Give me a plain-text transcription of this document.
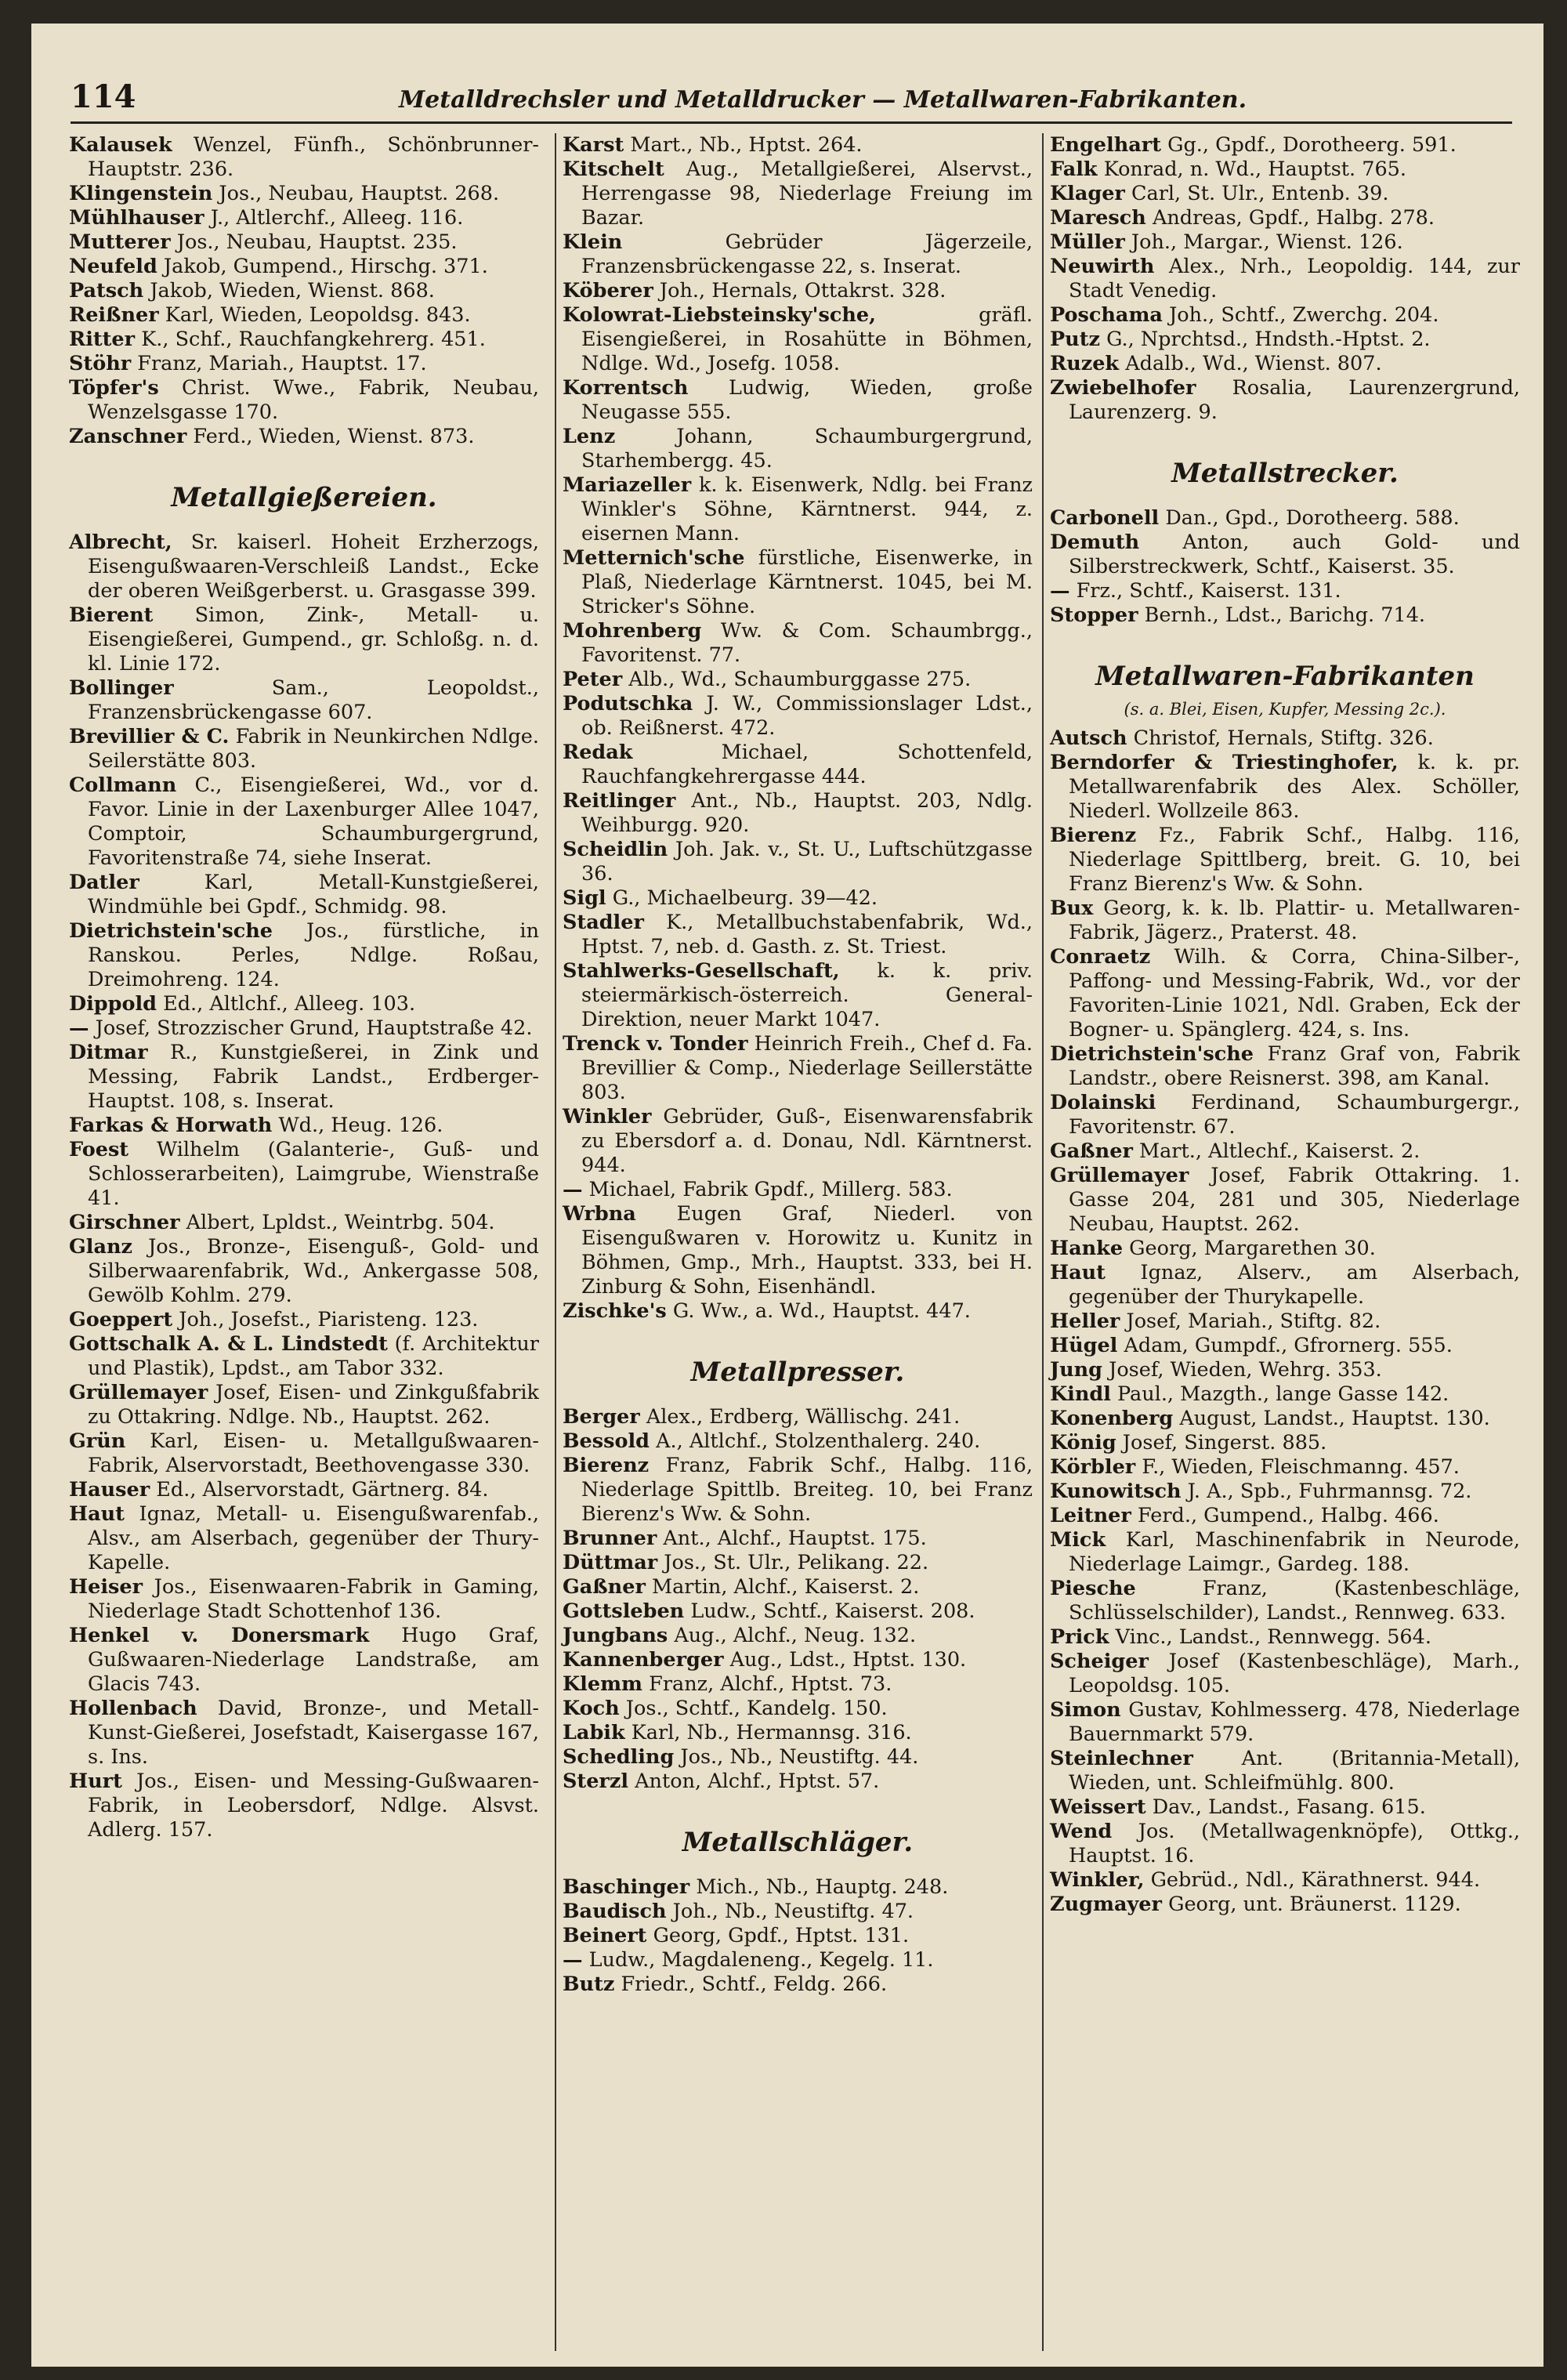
114	Metalldrechsler und Metalldrucker — Metallwaren-Fabrikanten.
Kalausek Wenzel, Fünfh., Schönbrunner-Hauptstr. 236.
Klingenstein Jos., Neubau, Hauptst. 268.
Mühlhauser J., Altlerchf., Alleeg. 116.
Mutterer Jos., Neubau, Hauptst. 235.
Neufeld Jakob, Gumpend., Hirschg. 371.
Patsch Jakob, Wieden, Wienst. 868.
Reißner Karl, Wieden, Leopoldsg. 843.
Ritter K., Schf., Rauchfangkehrerg. 451.
Stöhr Franz, Mariah., Hauptst. 17.
Töpfer's Christ. Wwe., Fabrik, Neubau, Wenzelsgasse 170.
Zanschner Ferd., Wieden, Wienst. 873.
Metallgießereien.
Albrecht, Sr. kaiserl. Hoheit Erzherzogs, Eisengußwaaren-Verschleiß Landst., Ecke der oberen Weißgerberst. u. Grasgasse 399.
Bierent Simon, Zink-, Metall- u. Eisengießerei, Gumpend., gr. Schloßg. n. d. kl. Linie 172.
Bollinger	Sam., Leopoldst., Franzensbrückengasse 607.
Brevillier & C. Fabrik in Neunkirchen Ndlge. Seilerstätte 803.
Collmann C., Eisengießerei, Wd., vor d. Favor. Linie in der Laxenburger Allee 1047, Comptoir, Schaumburgergrund, Favoritenstraße 74, siehe Inserat.
Datler	Karl, Metall-Kunstgießerei, Windmühle bei Gpdf., Schmidg. 98.
Dietrichstein'sche Jos., fürstliche, in Ranskou. Perles, Ndlge. Roßau, Dreimohreng. 124.
Dippold Ed., Altlchf., Alleeg. 103.
— Josef, Strozzischer Grund, Hauptstraße 42.
Ditmar R., Kunstgießerei, in Zink und Messing, Fabrik Landst., Erdberger-Hauptst. 108, s. Inserat.
Farkas & Horwath Wd., Heug. 126.
Foest Wilhelm (Galanterie-, Guß- und Schlosserarbeiten), Laimgrube, Wienstraße 41.
Girschner Albert, Lpldst., Weintrbg. 504.
Glanz Jos., Bronze-, Eisenguß-, Gold- und Silberwaarenfabrik, Wd., Ankergasse 508, Gewölb Kohlm. 279.
Goeppert Joh., Josefst., Piaristeng. 123.
Gottschalk A. & L. Lindstedt (f. Architektur und Plastik), Lpdst., am Tabor 332.
Grüllemayer Josef, Eisen- und Zinkgußfabrik zu Ottakring. Ndlge. Nb., Hauptst. 262.
Grün Karl, Eisen- u. Metallgußwaaren-Fabrik, Alservorstadt, Beethovengasse 330.
Hauser Ed., Alservorstadt, Gärtnerg. 84.
Haut Ignaz, Metall- u. Eisengußwarenfab., Alsv., am Alserbach, gegenüber der Thury-Kapelle.
Heiser Jos., Eisenwaaren-Fabrik in Gaming, Niederlage Stadt Schottenhof 136.
Henkel v. Donersmark Hugo Graf, Gußwaaren-Niederlage Landstraße, am Glacis 743.
Hollenbach David, Bronze-, und Metall-Kunst-Gießerei, Josefstadt, Kaisergasse 167, s. Ins.
Hurt Jos., Eisen- und Messing-Gußwaaren-Fabrik, in Leobersdorf, Ndlge. Alsvst. Adlerg. 157.
Karst Mart., Nb., Hptst. 264.
Kitschelt Aug., Metallgießerei, Alservst., Herrengasse 98, Niederlage Freiung im Bazar.
Klein	Gebrüder Jägerzeile, Franzensbrückengasse 22, s. Inserat.
Köberer Joh., Hernals, Ottakrst. 328.
Kolowrat-Liebsteinsky'sche,	gräfl. Eisengießerei, in Rosahütte in Böhmen, Ndlge. Wd., Josefg. 1058.
Korrentsch Ludwig, Wieden, große Neugasse 555.
Lenz	Johann, Schaumburgergrund, Starhembergg. 45.
Mariazeller k. k. Eisenwerk, Ndlg. bei Franz Winkler's Söhne, Kärntnerst. 944, z. eisernen Mann.
Metternich'sche fürstliche, Eisenwerke, in Plaß, Niederlage Kärntnerst. 1045, bei M. Stricker's Söhne.
Mohrenberg Ww. & Com. Schaumbrgg., Favoritenst. 77.
Peter Alb., Wd., Schaumburggasse 275.
Podutschka J. W., Commissionslager Ldst., ob. Reißnerst. 472.
Redak	Michael, Schottenfeld, Rauchfangkehrergasse 444.
Reitlinger Ant., Nb., Hauptst. 203, Ndlg. Weihburgg. 920.
Scheidlin Joh. Jak. v., St. U., Luftschützgasse 36.
Sigl G., Michaelbeurg. 39—42.
Stadler K., Metallbuchstabenfabrik, Wd., Hptst. 7, neb. d. Gasth. z. St. Triest.
Stahlwerks-Gesellschaft, k. k. priv. steiermärkisch-österreich. General-Direktion, neuer Markt 1047.
Trenck v. Tonder Heinrich Freih., Chef d. Fa. Brevillier & Comp., Niederlage Seillerstätte 803.
Winkler Gebrüder, Guß-, Eisenwarensfabrik zu Ebersdorf a. d. Donau, Ndl. Kärntnerst. 944.
— Michael, Fabrik Gpdf., Millerg. 583.
Wrbna Eugen Graf, Niederl. von Eisengußwaren v. Horowitz u. Kunitz in Böhmen, Gmp., Mrh., Hauptst. 333, bei H. Zinburg & Sohn, Eisenhändl.
Zischke's G. Ww., a. Wd., Hauptst. 447.
Metallpresser.
Berger Alex., Erdberg, Wällischg. 241.
Bessold A., Altlchf., Stolzenthalerg. 240.
Bierenz Franz, Fabrik Schf., Halbg. 116, Niederlage Spittlb. Breiteg. 10, bei Franz Bierenz's Ww. & Sohn.
Brunner Ant., Alchf., Hauptst. 175.
Düttmar Jos., St. Ulr., Pelikang. 22.
Gaßner Martin, Alchf., Kaiserst. 2.
Gottsleben Ludw., Schtf., Kaiserst. 208.
Jungbans Aug., Alchf., Neug. 132.
Kannenberger Aug., Ldst., Hptst. 130.
Klemm Franz, Alchf., Hptst. 73.
Koch Jos., Schtf., Kandelg. 150.
Labik Karl, Nb., Hermannsg. 316.
Schedling Jos., Nb., Neustiftg. 44.
Sterzl Anton, Alchf., Hptst. 57.
Metallschläger.
Baschinger Mich., Nb., Hauptg. 248.
Baudisch Joh., Nb., Neustiftg. 47.
Beinert Georg, Gpdf., Hptst. 131.
— Ludw., Magdaleneng., Kegelg. 11.
Butz Friedr., Schtf., Feldg. 266.
Engelhart Gg., Gpdf., Dorotheerg. 591.
Falk Konrad, n. Wd., Hauptst. 765.
Klager Carl, St. Ulr., Entenb. 39.
Maresch Andreas, Gpdf., Halbg. 278.
Müller Joh., Margar., Wienst. 126.
Neuwirth Alex., Nrh., Leopoldig. 144, zur Stadt Venedig.
Poschama Joh., Schtf., Zwerchg. 204.
Putz G., Nprchtsd., Hndsth.-Hptst. 2.
Ruzek Adalb., Wd., Wienst. 807.
Zwiebelhofer Rosalia, Laurenzergrund, Laurenzerg. 9.
Metallstrecker.
Carbonell Dan., Gpd., Dorotheerg. 588.
Demuth Anton, auch Gold- und Silberstreckwerk, Schtf., Kaiserst. 35.
— Frz., Schtf., Kaiserst. 131.
Stopper Bernh., Ldst., Barichg. 714.
Metallwaren-Fabrikanten
(s. a. Blei, Eisen, Kupfer, Messing 2c.).
Autsch Christof, Hernals, Stiftg. 326.
Berndorfer & Triestinghofer, k. k. pr. Metallwarenfabrik des Alex. Schöller, Niederl. Wollzeile 863.
Bierenz Fz., Fabrik Schf., Halbg. 116, Niederlage Spittlberg, breit. G. 10, bei Franz Bierenz's Ww. & Sohn.
Bux Georg, k. k. lb. Plattir- u. Metallwaren-Fabrik, Jägerz., Praterst. 48.
Conraetz Wilh. & Corra, China-Silber-, Paffong- und Messing-Fabrik, Wd., vor der Favoriten-Linie 1021, Ndl. Graben, Eck der Bogner- u. Spänglerg. 424, s. Ins.
Dietrichstein'sche Franz Graf von, Fabrik Landstr., obere Reisnerst. 398, am Kanal.
Dolainski Ferdinand, Schaumburgergr., Favoritenstr. 67.
Gaßner Mart., Altlechf., Kaiserst. 2.
Grüllemayer Josef, Fabrik Ottakring. 1. Gasse 204, 281 und 305, Niederlage Neubau, Hauptst. 262.
Hanke Georg, Margarethen 30.
Haut Ignaz, Alserv., am Alserbach, gegenüber der Thurykapelle.
Heller Josef, Mariah., Stiftg. 82.
Hügel Adam, Gumpdf., Gfrornerg. 555.
Jung Josef, Wieden, Wehrg. 353.
Kindl Paul., Mazgth., lange Gasse 142.
Konenberg August, Landst., Hauptst. 130.
König Josef, Singerst. 885.
Körbler F., Wieden, Fleischmanng. 457.
Kunowitsch J. A., Spb., Fuhrmannsg. 72.
Leitner Ferd., Gumpend., Halbg. 466.
Mick Karl, Maschinenfabrik in Neurode, Niederlage Laimgr., Gardeg. 188.
Piesche	Franz, (Kastenbeschläge, Schlüsselschilder), Landst., Rennweg. 633.
Prick Vinc., Landst., Rennwegg. 564.
Scheiger Josef (Kastenbeschläge), Marh., Leopoldsg. 105.
Simon Gustav, Kohlmesserg. 478, Niederlage Bauernmarkt 579.
Steinlechner Ant. (Britannia-Metall), Wieden, unt. Schleifmühlg. 800.
Weissert Dav., Landst., Fasang. 615.
Wend Jos. (Metallwagenknöpfe), Ottkg., Hauptst. 16.
Winkler, Gebrüd., Ndl., Kärathnerst. 944.
Zugmayer Georg, unt. Bräunerst. 1129.
